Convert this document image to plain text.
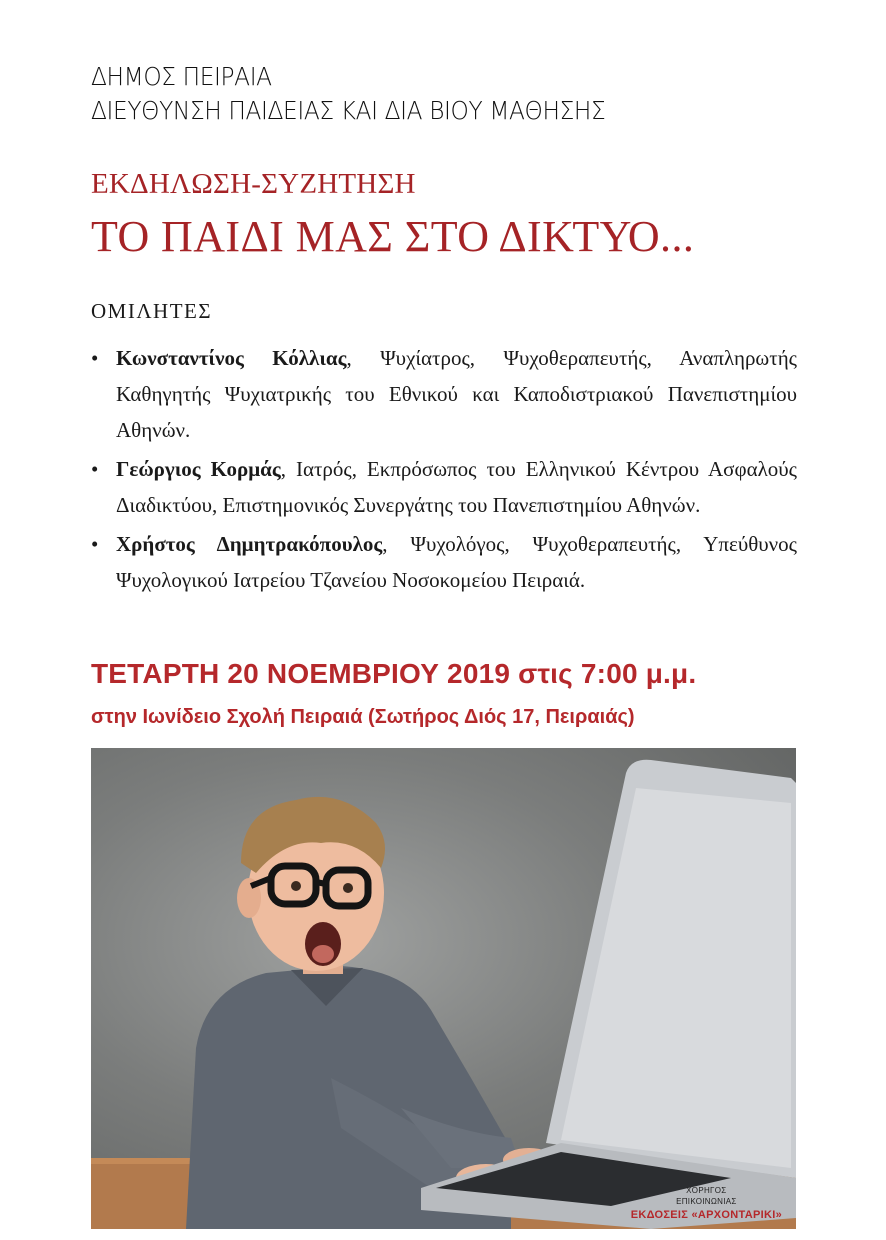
ΔΗΜΟΣ ΠΕΙΡΑΙΑ
ΔΙΕΥΘΥΝΣΗ ΠΑΙΔΕΙΑΣ ΚΑΙ ΔΙΑ ΒΙΟΥ ΜΑΘΗΣΗΣ
ΕΚΔΗΛΩΣΗ-ΣΥΖΗΤΗΣΗ
ΤΟ ΠΑΙΔΙ ΜΑΣ ΣΤΟ ΔΙΚΤΥΟ...
ΟΜΙΛΗΤΕΣ
• Κωνσταντίνος Κόλλιας, Ψυχίατρος, Ψυχοθεραπευτής, Αναπληρωτής Καθηγητής Ψυχιατρικής του Εθνικού και Καποδιστριακού Πανεπιστημίου Αθηνών.
• Γεώργιος Κορμάς, Ιατρός, Εκπρόσωπος του Ελληνικού Κέντρου Ασφαλούς Διαδικτύου, Επιστημονικός Συνεργάτης του Πανεπιστημίου Αθηνών.
• Χρήστος Δημητρακόπουλος, Ψυχολόγος, Ψυχοθεραπευτής, Υπεύθυνος Ψυχολογικού Ιατρείου Τζανείου Νοσοκομείου Πειραιά.
ΤΕΤΑΡΤΗ 20 ΝΟΕΜΒΡΙΟΥ 2019 στις 7:00 μ.μ.
στην Ιωνίδειο Σχολή Πειραιά (Σωτήρος Διός 17, Πειραιάς)
ΧΟΡΗΓΟΣ
ΕΠΙΚΟΙΝΩΝΙΑΣ
ΕΚΔΟΣΕΙΣ «ΑΡΧΟΝΤΑΡΙΚΙ»
